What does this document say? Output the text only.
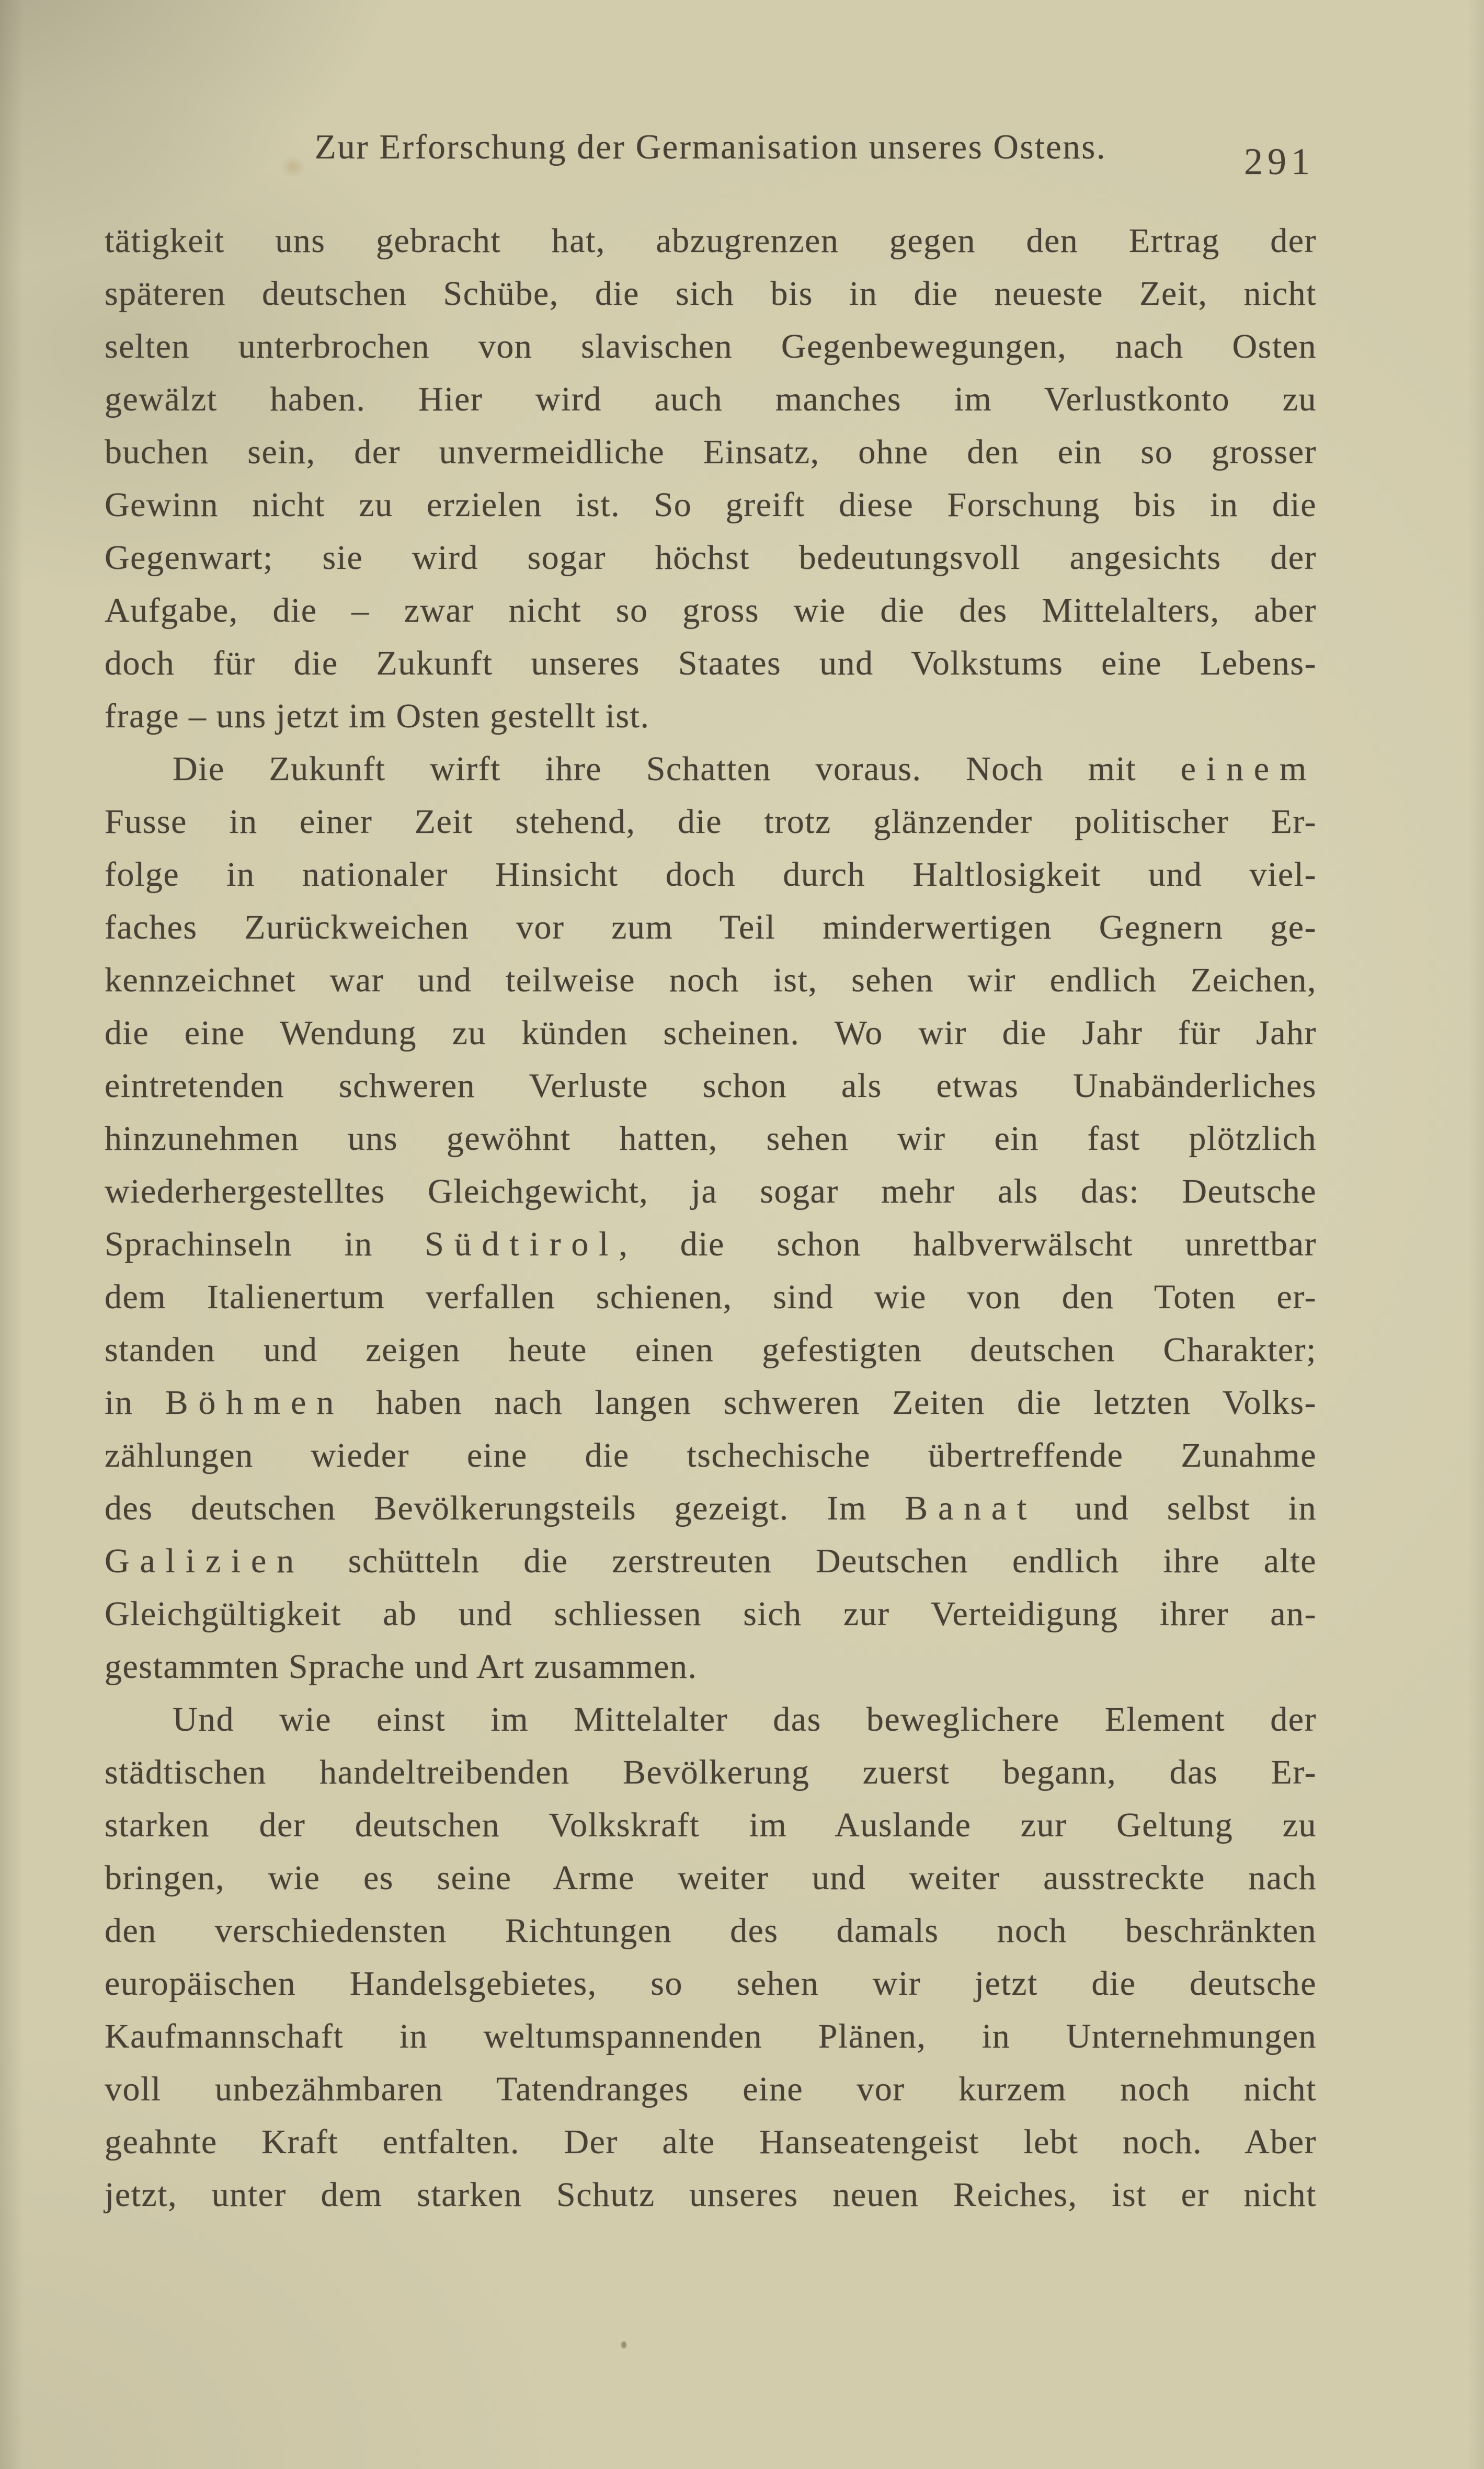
Zur Erforschung der Germanisation unseres Ostens.	291
tätigkeit uns gebracht hat, abzugrenzen gegen den Ertrag der
späteren deutschen Schübe, die sich bis in die neueste Zeit, nicht
selten unterbrochen von slavischen Gegenbewegungen, nach Osten
gewälzt haben. Hier wird auch manches im Verlustkonto zu
buchen sein, der unvermeidliche Einsatz, ohne den ein so grosser
Gewinn nicht zu erzielen ist. So greift diese Forschung bis in die
Gegenwart; sie wird sogar höchst bedeutungsvoll angesichts der
Aufgabe, die – zwar nicht so gross wie die des Mittelalters, aber
doch für die Zukunft unseres Staates und Volkstums eine Lebens-
frage – uns jetzt im Osten gestellt ist.
Die Zukunft wirft ihre Schatten voraus. Noch mit einem
Fusse in einer Zeit stehend, die trotz glänzender politischer Er-
folge in nationaler Hinsicht doch durch Haltlosigkeit und viel-
faches Zurückweichen vor zum Teil minderwertigen Gegnern ge-
kennzeichnet war und teilweise noch ist, sehen wir endlich Zeichen,
die eine Wendung zu künden scheinen. Wo wir die Jahr für Jahr
eintretenden schweren Verluste schon als etwas Unabänderliches
hinzunehmen uns gewöhnt hatten, sehen wir ein fast plötzlich
wiederhergestelltes Gleichgewicht, ja sogar mehr als das: Deutsche
Sprachinseln in Südtirol, die schon halbverwälscht unrettbar
dem Italienertum verfallen schienen, sind wie von den Toten er-
standen und zeigen heute einen gefestigten deutschen Charakter;
in Böhmen haben nach langen schweren Zeiten die letzten Volks-
zählungen wieder eine die tschechische übertreffende Zunahme
des deutschen Bevölkerungsteils gezeigt. Im Banat und selbst in
Galizien schütteln die zerstreuten Deutschen endlich ihre alte
Gleichgültigkeit ab und schliessen sich zur Verteidigung ihrer an-
gestammten Sprache und Art zusammen.
Und wie einst im Mittelalter das beweglichere Element der
städtischen handeltreibenden Bevölkerung zuerst begann, das Er-
starken der deutschen Volkskraft im Auslande zur Geltung zu
bringen, wie es seine Arme weiter und weiter ausstreckte nach
den verschiedensten Richtungen des damals noch beschränkten
europäischen Handelsgebietes, so sehen wir jetzt die deutsche
Kaufmannschaft in weltumspannenden Plänen, in Unternehmungen
voll unbezähmbaren Tatendranges eine vor kurzem noch nicht
geahnte Kraft entfalten. Der alte Hanseatengeist lebt noch. Aber
jetzt, unter dem starken Schutz unseres neuen Reiches, ist er nicht
